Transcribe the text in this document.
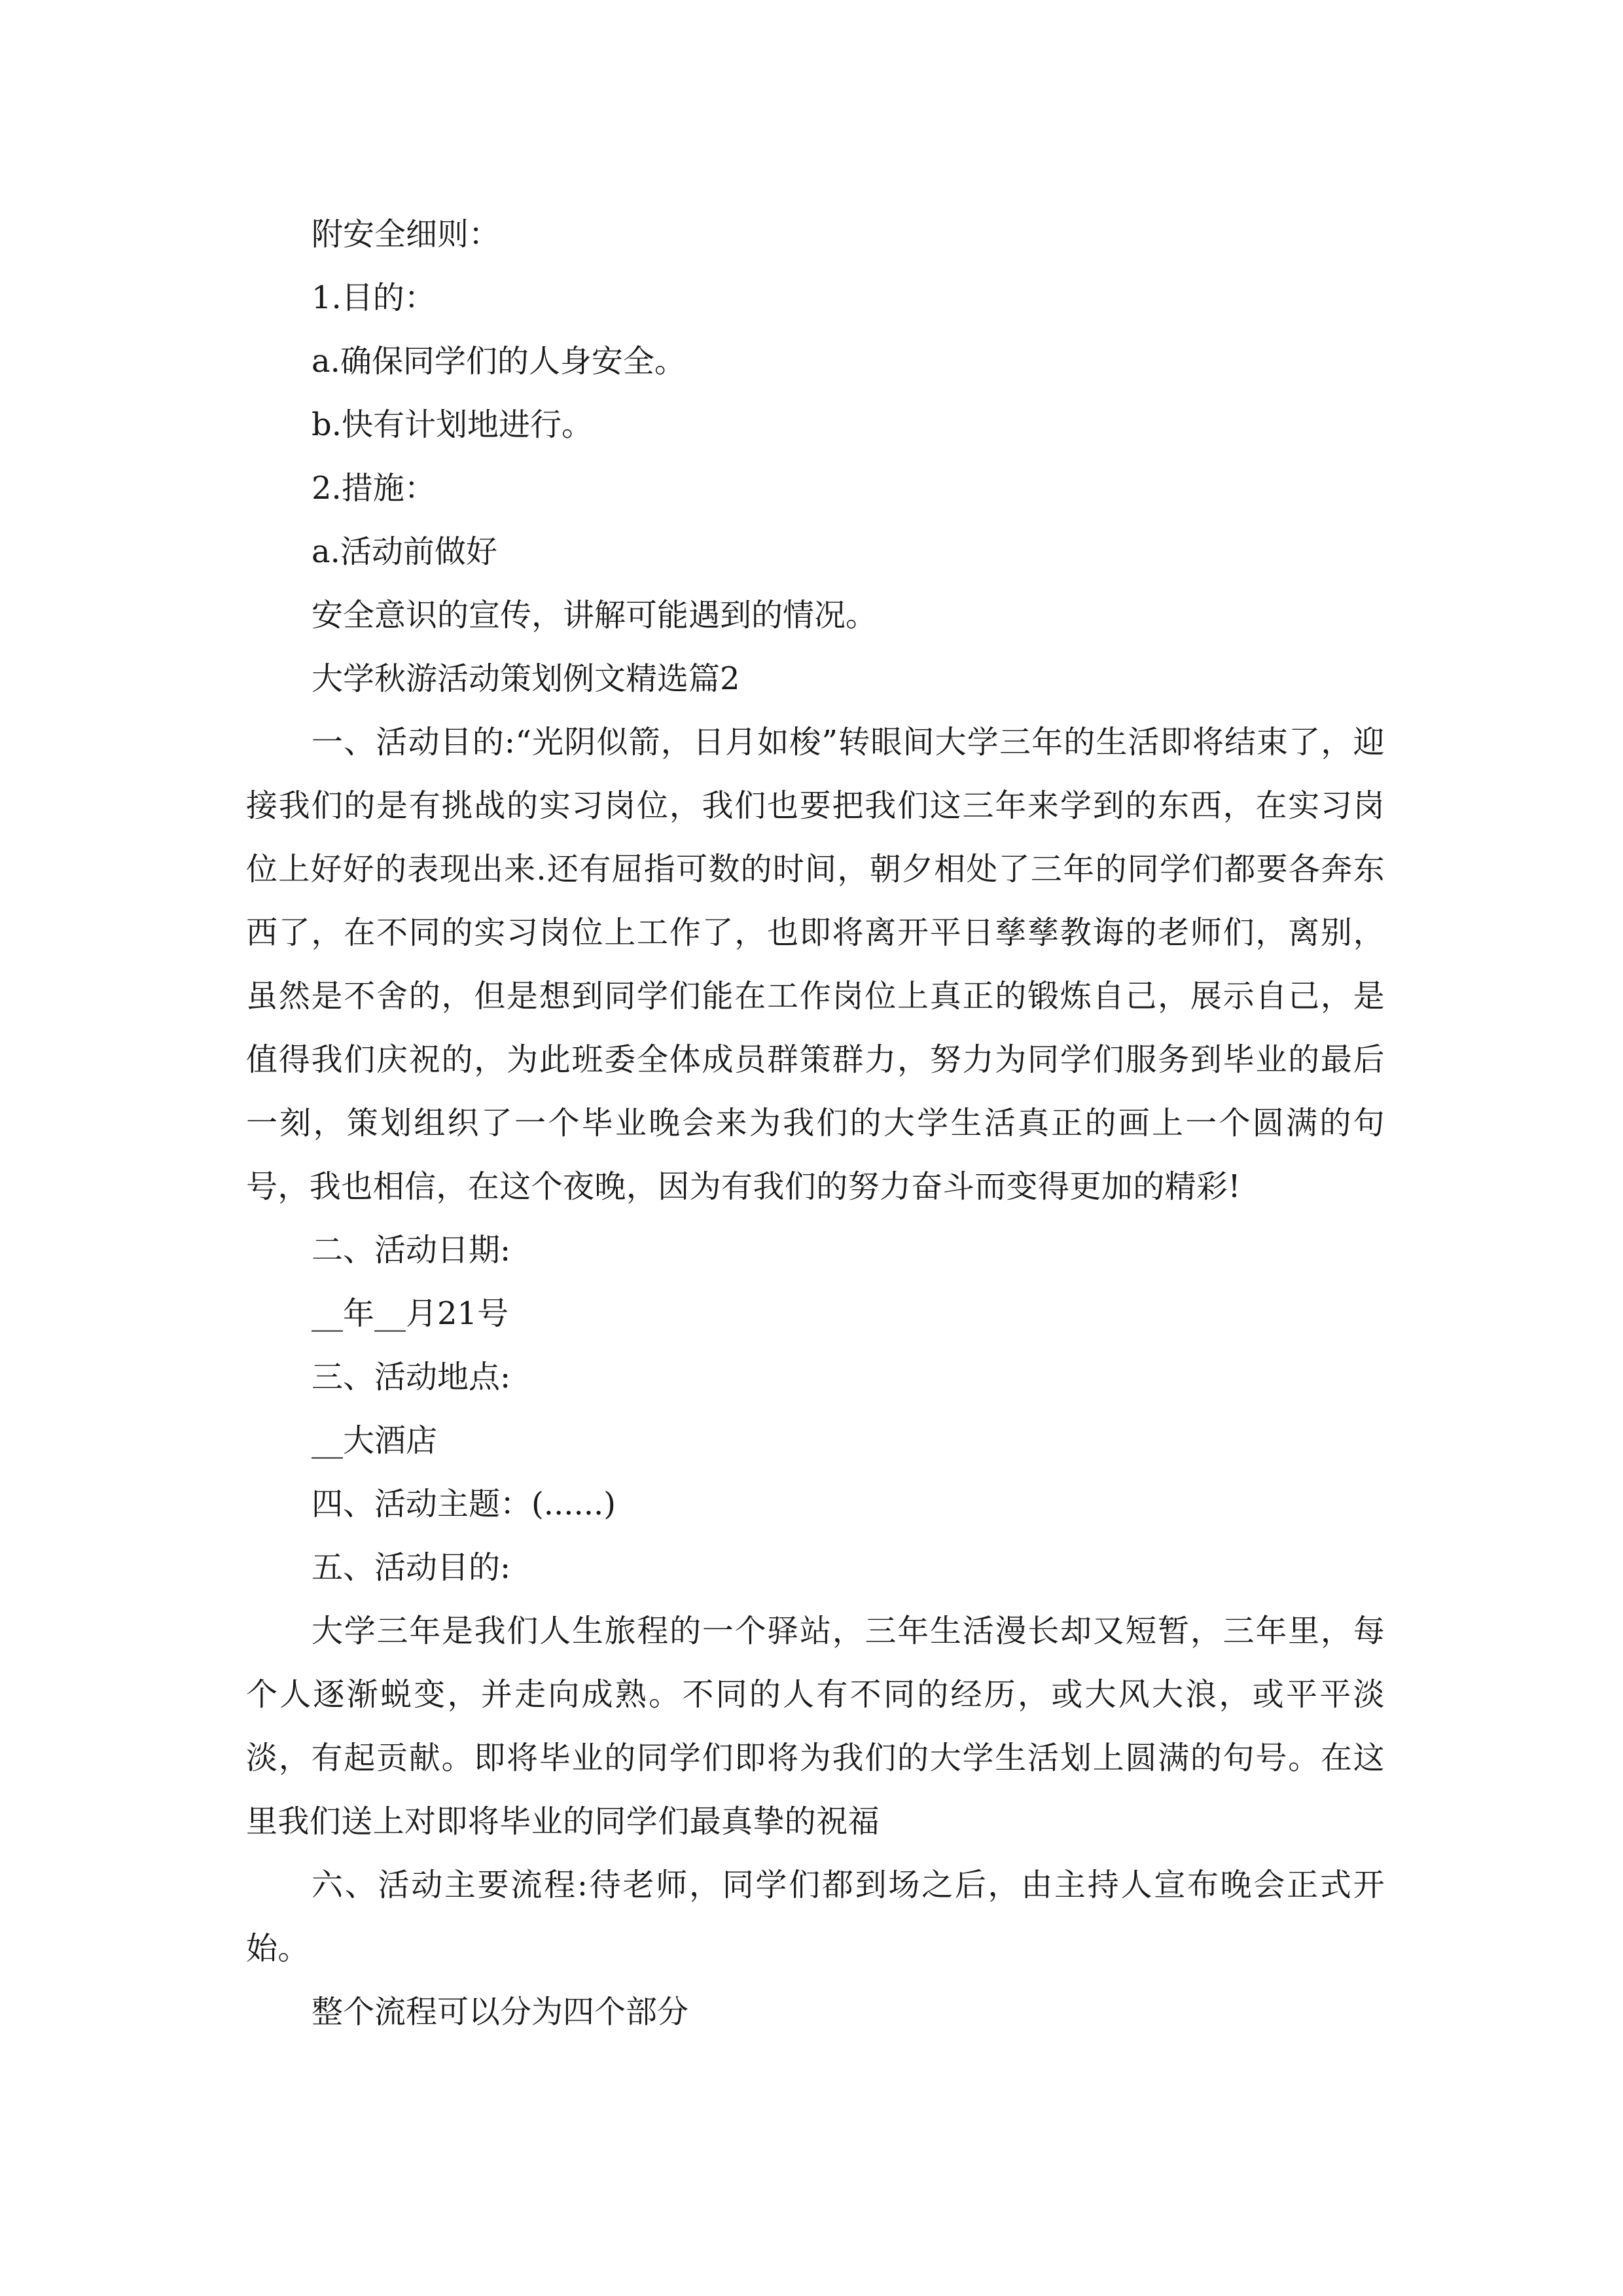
附安全细则：

1.目的：

a.确保同学们的人身安全。

b.快有计划地进行。

2.措施：

a.活动前做好

安全意识的宣传，讲解可能遇到的情况。

大学秋游活动策划例文精选篇2

一、活动目的:“光阴似箭，日月如梭”转眼间大学三年的生活即将结束了，迎接我们的是有挑战的实习岗位，我们也要把我们这三年来学到的东西，在实习岗位上好好的表现出来.还有屈指可数的时间，朝夕相处了三年的同学们都要各奔东西了，在不同的实习岗位上工作了，也即将离开平日孳孳教诲的老师们，离别，虽然是不舍的，但是想到同学们能在工作岗位上真正的锻炼自己，展示自己，是值得我们庆祝的，为此班委全体成员群策群力，努力为同学们服务到毕业的最后一刻，策划组织了一个毕业晚会来为我们的大学生活真正的画上一个圆满的句号，我也相信，在这个夜晚，因为有我们的努力奋斗而变得更加的精彩!

二、活动日期:

__年__月21号

三、活动地点:

__大酒店

四、活动主题：(......)

五、活动目的:

大学三年是我们人生旅程的一个驿站，三年生活漫长却又短暂，三年里，每个人逐渐蜕变，并走向成熟。不同的人有不同的经历，或大风大浪，或平平淡淡，有起贡献。即将毕业的同学们即将为我们的大学生活划上圆满的句号。在这里我们送上对即将毕业的同学们最真挚的祝福

六、活动主要流程:待老师，同学们都到场之后，由主持人宣布晚会正式开始。

整个流程可以分为四个部分
